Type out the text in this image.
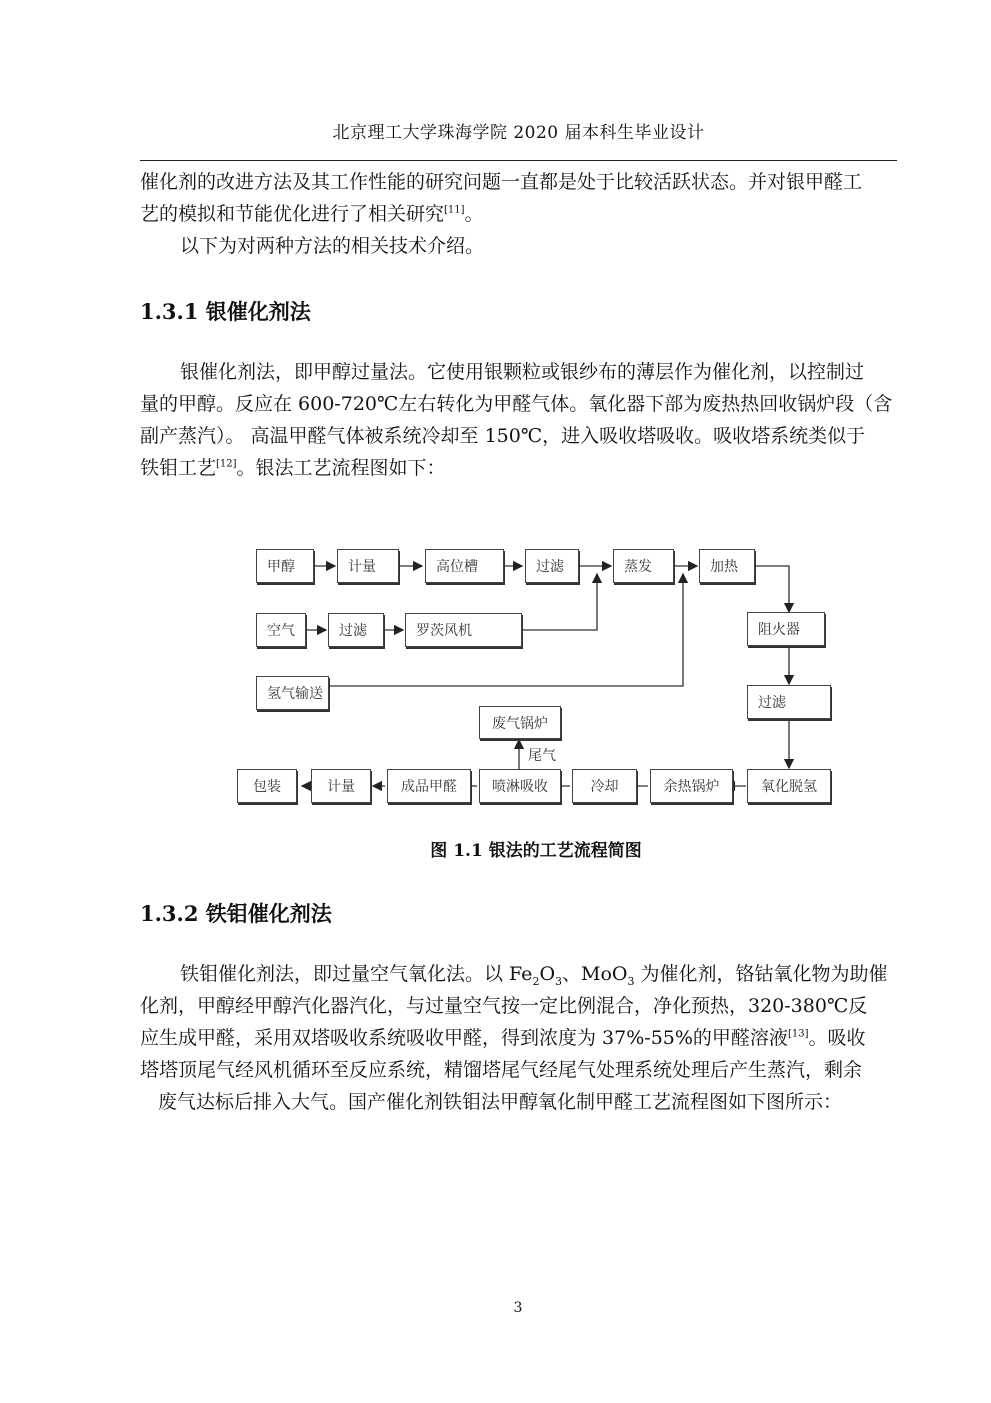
北京理工大学珠海学院 2020 届本科生毕业设计
催化剂的改进方法及其工作性能的研究问题一直都是处于比较活跃状态。并对银甲醛工
艺的模拟和节能优化进行了相关研究[11]。
以下为对两种方法的相关技术介绍。
1.3.1 银催化剂法
银催化剂法，即甲醇过量法。它使用银颗粒或银纱布的薄层作为催化剂，以控制过
量的甲醇。反应在 600-720℃左右转化为甲醛气体。氧化器下部为废热热回收锅炉段（含
副产蒸汽）。 高温甲醛气体被系统冷却至 150℃，进入吸收塔吸收。吸收塔系统类似于
铁钼工艺[12]。银法工艺流程图如下：
甲醇	计量	高位槽	过滤	蒸发	加热
空气	过滤	罗茨风机
氢气输送
阻火器
过滤
废气锅炉
尾气
包装	计量	成品甲醛	喷淋吸收	冷却	余热锅炉	氧化脱氢
图 1.1 银法的工艺流程简图
1.3.2 铁钼催化剂法
铁钼催化剂法，即过量空气氧化法。以 $Fe_2O_3$、MoO$_3$ 为催化剂，铬钴氧化物为助催
化剂，甲醇经甲醇汽化器汽化，与过量空气按一定比例混合，净化预热，320-380℃反
应生成甲醛，采用双塔吸收系统吸收甲醛，得到浓度为 37%-55%的甲醛溶液[13]。吸收
塔塔顶尾气经风机循环至反应系统，精馏塔尾气经尾气处理系统处理后产生蒸汽，剩余
废气达标后排入大气。国产催化剂铁钼法甲醇氧化制甲醛工艺流程图如下图所示：
3
